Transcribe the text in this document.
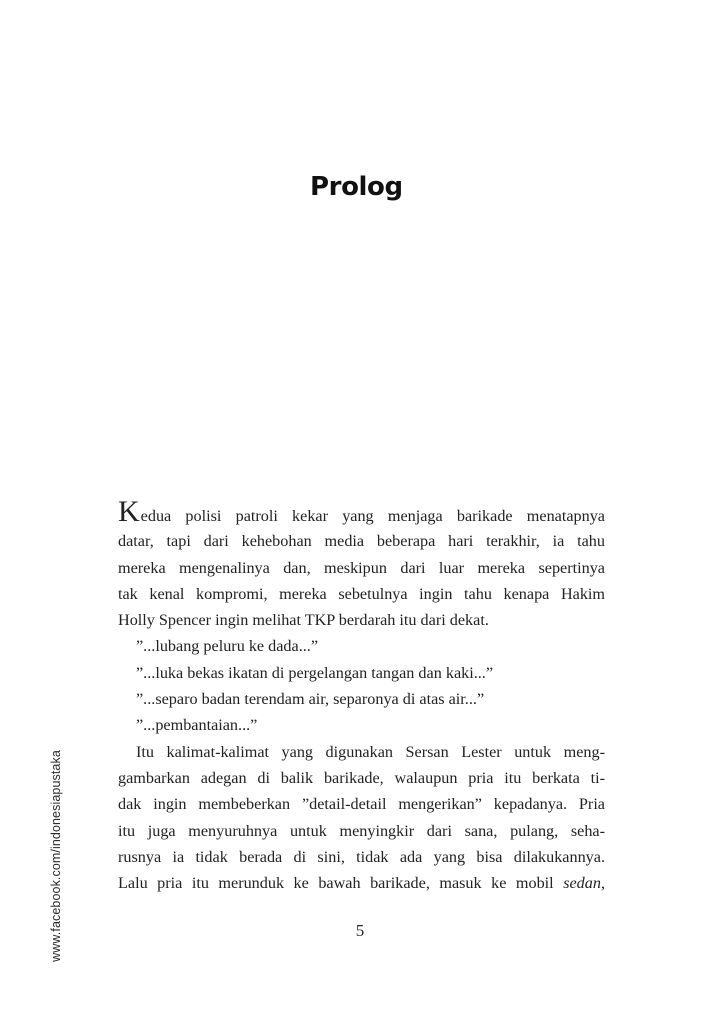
Prolog

Kedua polisi patroli kekar yang menjaga barikade menatapnya

datar, tapi dari kehebohan media beberapa hari terakhir, ia tahu

mereka mengenalinya dan, meskipun dari luar mereka sepertinya

tak kenal kompromi, mereka sebetulnya ingin tahu kenapa Hakim

Holly Spencer ingin melihat TKP berdarah itu dari dekat.

”...lubang peluru ke dada...”

”...luka bekas ikatan di pergelangan tangan dan kaki...”

”...separo badan terendam air, separonya di atas air...”

”...pembantaian...”

Itu kalimat-kalimat yang digunakan Sersan Lester untuk meng-

gambarkan adegan di balik barikade, walaupun pria itu berkata ti-

dak ingin membeberkan ”detail-detail mengerikan” kepadanya. Pria

itu juga menyuruhnya untuk menyingkir dari sana, pulang, seha-

rusnya ia tidak berada di sini, tidak ada yang bisa dilakukannya.

Lalu pria itu merunduk ke bawah barikade, masuk ke mobil sedan,

5
www.facebook.com/indonesiapustaka
